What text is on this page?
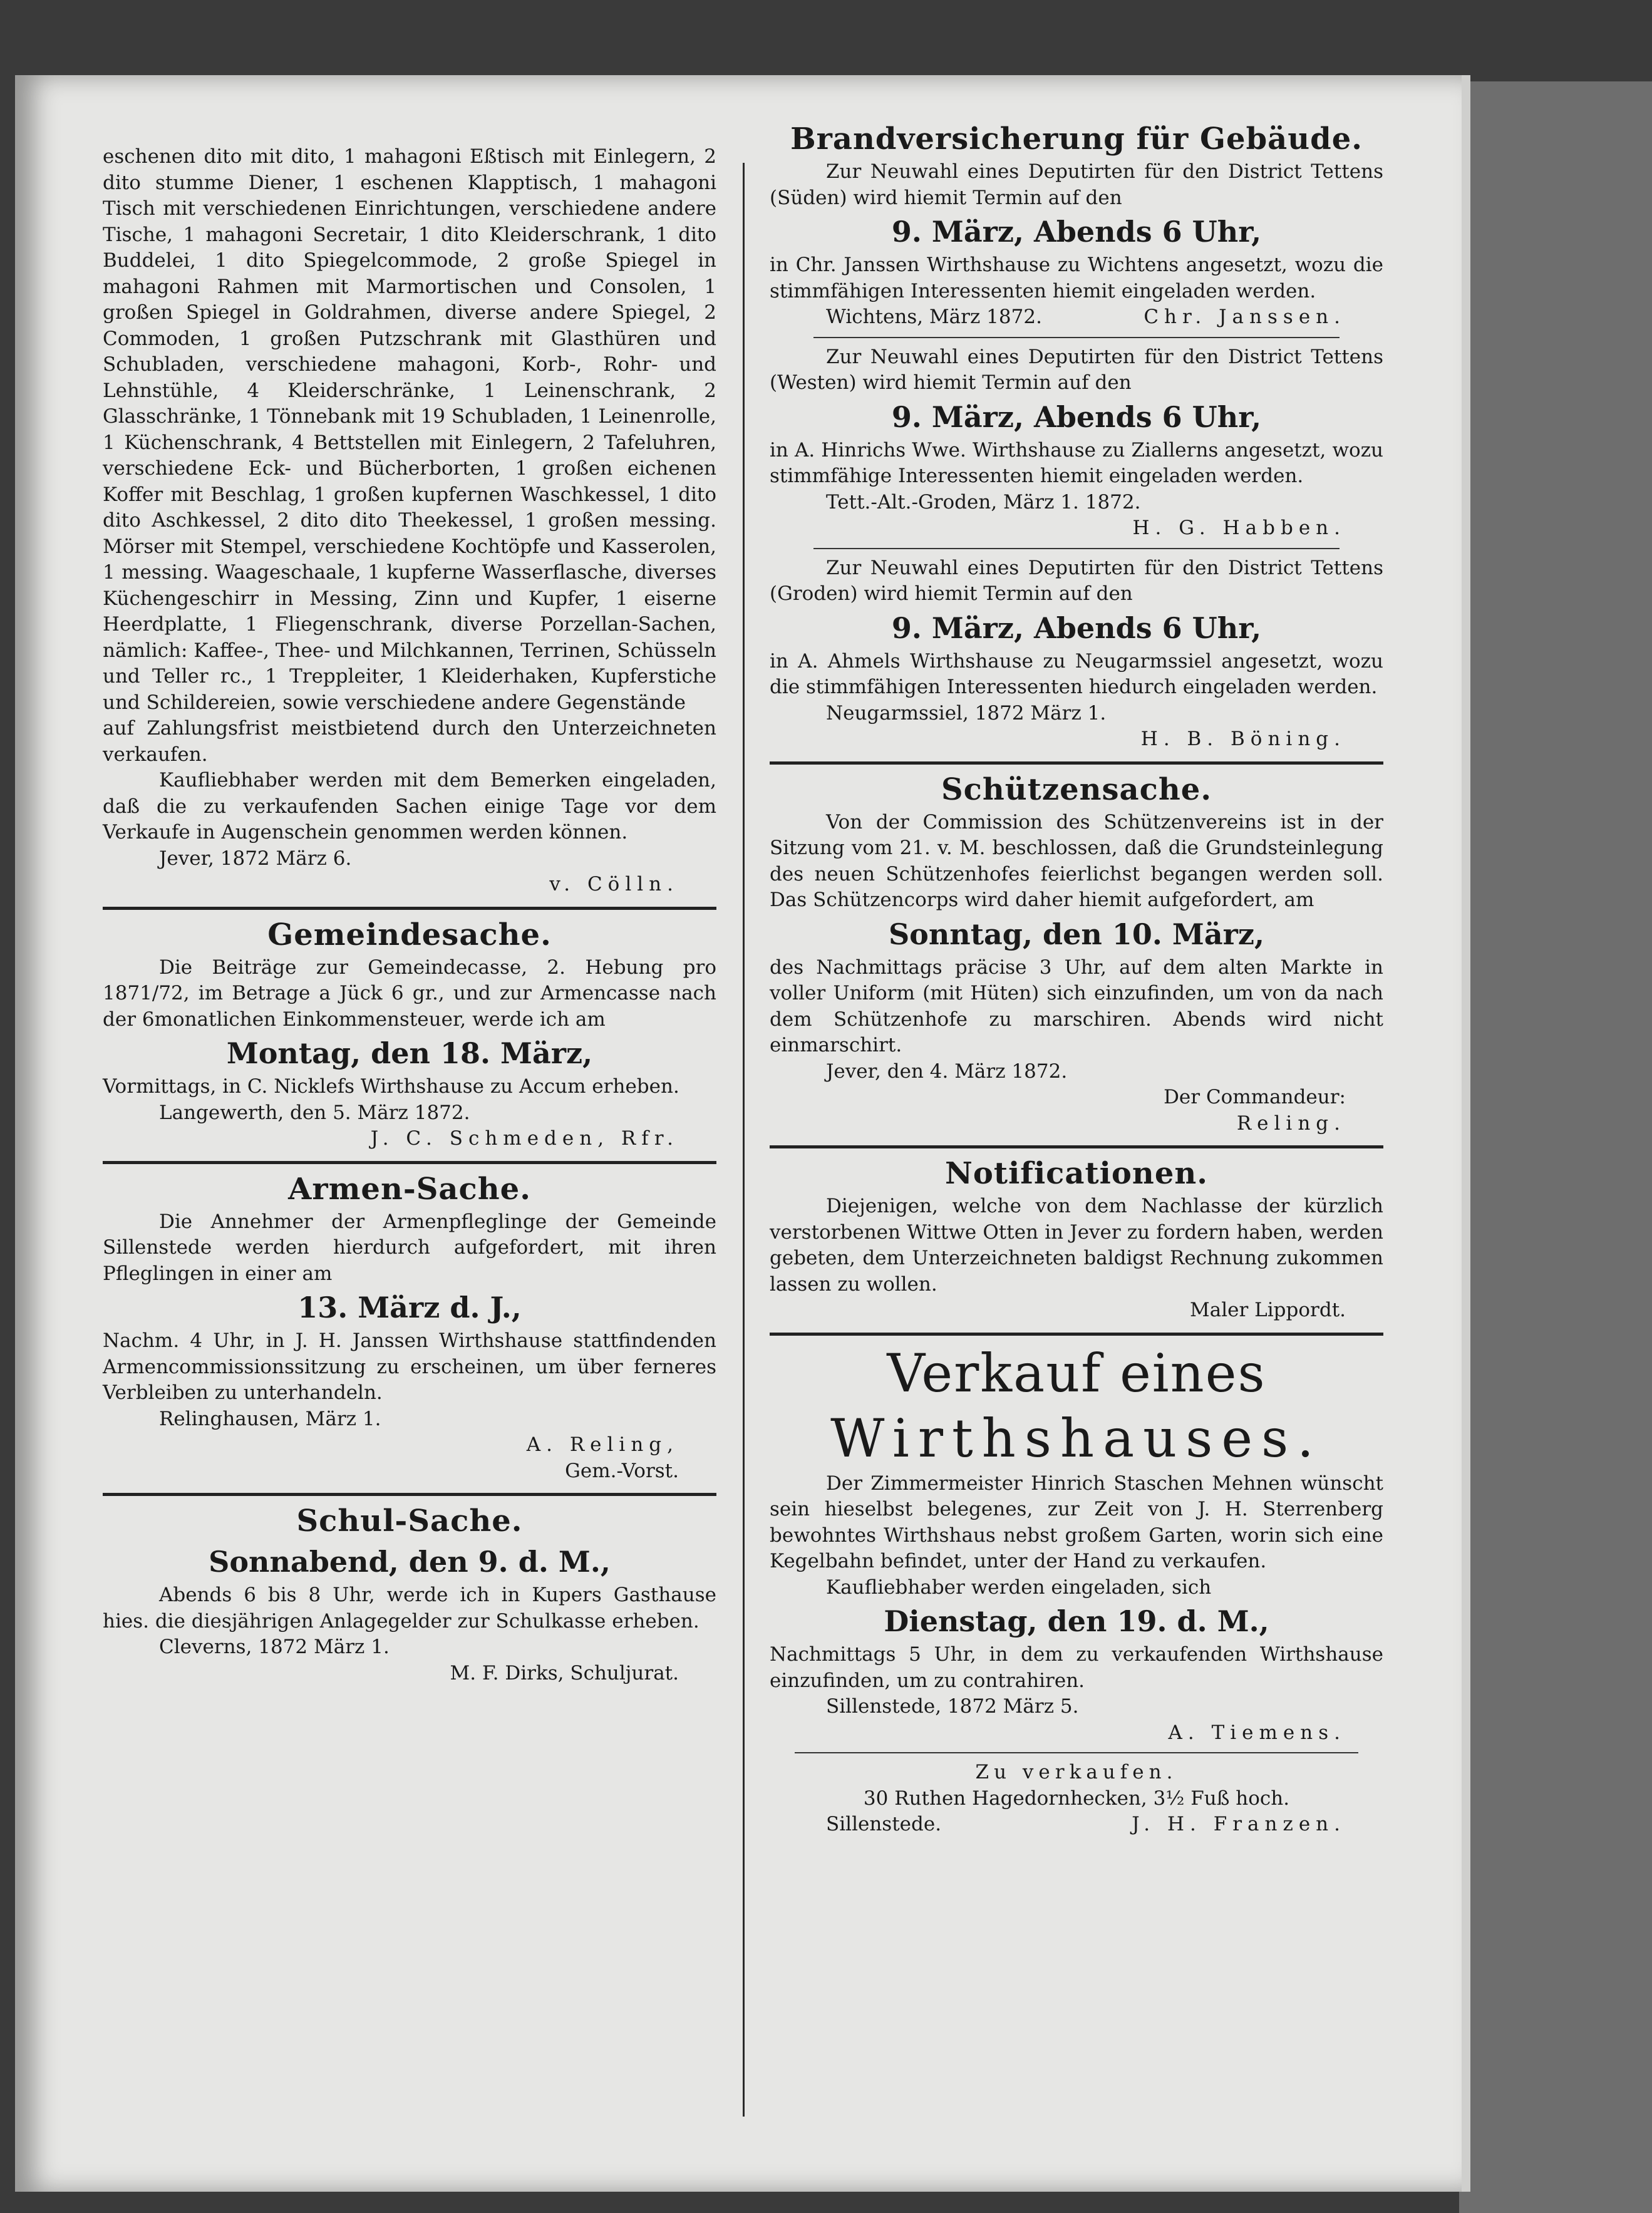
eschenen dito mit dito, 1 mahagoni Eßtisch mit Einlegern, 2 dito stumme Diener, 1 eschenen Klapptisch, 1 mahagoni Tisch mit verschiedenen Einrichtungen, verschiedene andere Tische, 1 mahagoni Secretair, 1 dito Kleiderschrank, 1 dito Buddelei, 1 dito Spiegelcommode, 2 große Spiegel in mahagoni Rahmen mit Marmortischen und Consolen, 1 großen Spiegel in Goldrahmen, diverse andere Spiegel, 2 Commoden, 1 großen Putzschrank mit Glasthüren und Schubladen, verschiedene mahagoni, Korb-, Rohr- und Lehnstühle, 4 Kleiderschränke, 1 Leinenschrank, 2 Glasschränke, 1 Tönnebank mit 19 Schubladen, 1 Leinenrolle, 1 Küchenschrank, 4 Bettstellen mit Einlegern, 2 Tafeluhren, verschiedene Eck- und Bücherborten, 1 großen eichenen Koffer mit Beschlag, 1 großen kupfernen Waschkessel, 1 dito dito Aschkessel, 2 dito dito Theekessel, 1 großen messing. Mörser mit Stempel, verschiedene Kochtöpfe und Kasserolen, 1 messing. Waageschaale, 1 kupferne Wasserflasche, diverses Küchengeschirr in Messing, Zinn und Kupfer, 1 eiserne Heerdplatte, 1 Fliegenschrank, diverse Porzellan-Sachen, nämlich: Kaffee-, Thee- und Milchkannen, Terrinen, Schüsseln und Teller rc., 1 Treppleiter, 1 Kleiderhaken, Kupferstiche und Schildereien, sowie verschiedene andere Gegenstände

auf Zahlungsfrist meistbietend durch den Unterzeichneten verkaufen.

Kaufliebhaber werden mit dem Bemerken eingeladen, daß die zu verkaufenden Sachen einige Tage vor dem Verkaufe in Augenschein genommen werden können.

Jever, 1872 März 6.

v. Cölln.

Gemeindesache.

Die Beiträge zur Gemeindecasse, 2. Hebung pro 1871/72, im Betrage a Jück 6 gr., und zur Armencasse nach der 6monatlichen Einkommensteuer, werde ich am

Montag, den 18. März,

Vormittags, in C. Nicklefs Wirthshause zu Accum erheben.

Langewerth, den 5. März 1872.

J. C. Schmeden, Rfr.

Armen-Sache.

Die Annehmer der Armenpfleglinge der Gemeinde Sillenstede werden hierdurch aufgefordert, mit ihren Pfleglingen in einer am

13. März d. J.,

Nachm. 4 Uhr, in J. H. Janssen Wirthshause stattfindenden Armencommissionssitzung zu erscheinen, um über ferneres Verbleiben zu unterhandeln.

Relinghausen, März 1.

A. Reling,

Gem.-Vorst.

Schul-Sache.

Sonnabend, den 9. d. M.,

Abends 6 bis 8 Uhr, werde ich in Kupers Gasthause hies. die diesjährigen Anlagegelder zur Schulkasse erheben.

Cleverns, 1872 März 1.

M. F. Dirks, Schuljurat.

Brandversicherung für Gebäude.

Zur Neuwahl eines Deputirten für den District Tettens (Süden) wird hiemit Termin auf den

9. März, Abends 6 Uhr,

in Chr. Janssen Wirthshause zu Wichtens angesetzt, wozu die stimmfähigen Interessenten hiemit eingeladen werden.

Wichtens, März 1872.	Chr. Janssen.

Zur Neuwahl eines Deputirten für den District Tettens (Westen) wird hiemit Termin auf den

9. März, Abends 6 Uhr,

in A. Hinrichs Wwe. Wirthshause zu Ziallerns angesetzt, wozu stimmfähige Interessenten hiemit eingeladen werden.

Tett.-Alt.-Groden, März 1. 1872.

H. G. Habben.

Zur Neuwahl eines Deputirten für den District Tettens (Groden) wird hiemit Termin auf den

9. März, Abends 6 Uhr,

in A. Ahmels Wirthshause zu Neugarmssiel angesetzt, wozu die stimmfähigen Interessenten hiedurch eingeladen werden.

Neugarmssiel, 1872 März 1.

H. B. Böning.

Schützensache.

Von der Commission des Schützenvereins ist in der Sitzung vom 21. v. M. beschlossen, daß die Grundsteinlegung des neuen Schützenhofes feierlichst begangen werden soll. Das Schützencorps wird daher hiemit aufgefordert, am

Sonntag, den 10. März,

des Nachmittags präcise 3 Uhr, auf dem alten Markte in voller Uniform (mit Hüten) sich einzufinden, um von da nach dem Schützenhofe zu marschiren. Abends wird nicht einmarschirt.

Jever, den 4. März 1872.

Der Commandeur:

Reling.

Notificationen.

Diejenigen, welche von dem Nachlasse der kürzlich verstorbenen Wittwe Otten in Jever zu fordern haben, werden gebeten, dem Unterzeichneten baldigst Rechnung zukommen lassen zu wollen.

Maler Lippordt.

Verkauf eines

Wirthshauses.

Der Zimmermeister Hinrich Staschen Mehnen wünscht sein hieselbst belegenes, zur Zeit von J. H. Sterrenberg bewohntes Wirthshaus nebst großem Garten, worin sich eine Kegelbahn befindet, unter der Hand zu verkaufen.

Kaufliebhaber werden eingeladen, sich

Dienstag, den 19. d. M.,

Nachmittags 5 Uhr, in dem zu verkaufenden Wirthshause einzufinden, um zu contrahiren.

Sillenstede, 1872 März 5.

A. Tiemens.

Zu verkaufen.

30 Ruthen Hagedornhecken, 3½ Fuß hoch.

Sillenstede.	J. H. Franzen.
